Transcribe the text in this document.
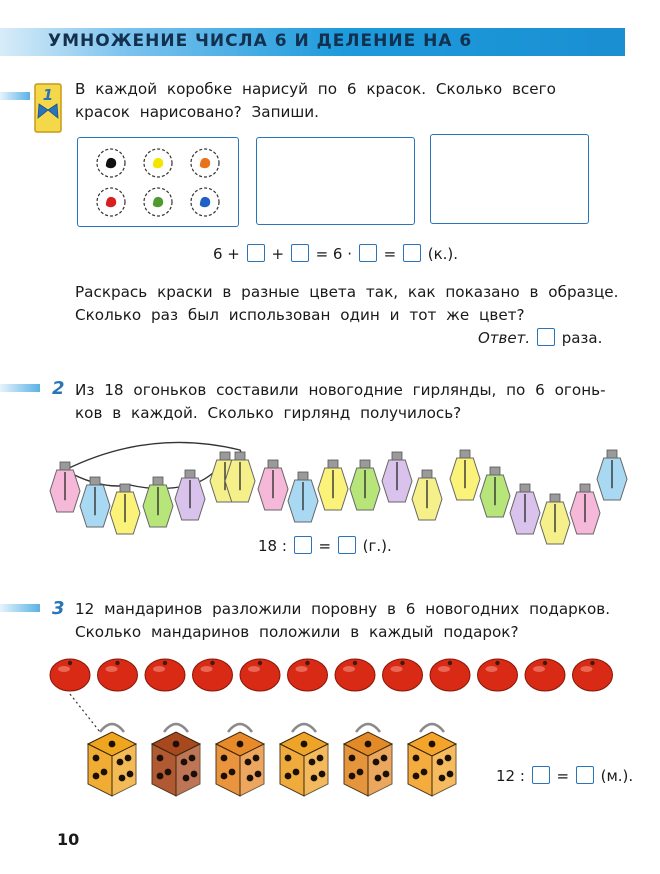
УМНОЖЕНИЕ ЧИСЛА 6 И ДЕЛЕНИЕ НА 6
1 В каждой коробке нарисуй по 6 красок. Сколько всего
красок нарисовано? Запиши.
6 + + = 6 · = (к.).
Раскрась краски в разные цвета так, как показано в образце.
Сколько раз был использован один и тот же цвет?
Ответ. раза.
2 Из 18 огоньков составили новогодние гирлянды, по 6 огонь-
ков в каждой. Сколько гирлянд получилось?
18 : = (г.).
3 12 мандаринов разложили поровну в 6 новогодних подарков.
Сколько мандаринов положили в каждый подарок?
12 : = (м.).
10
